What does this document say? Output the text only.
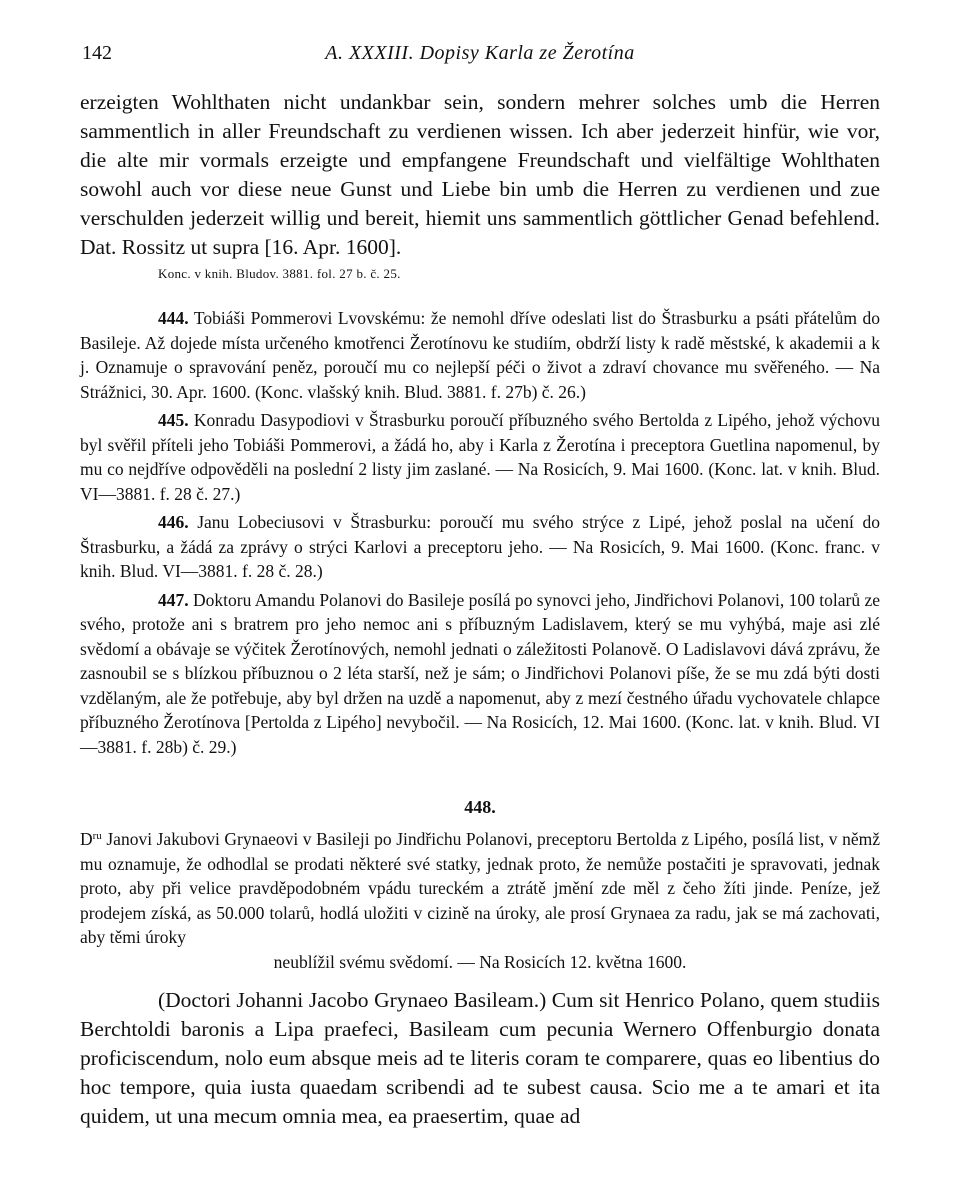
142	A. XXXIII. Dopisy Karla ze Žerotína

erzeigten Wohlthaten nicht undankbar sein, sondern mehrer solches umb die Herren sammentlich in aller Freundschaft zu verdienen wissen. Ich aber jederzeit hinfür, wie vor, die alte mir vormals erzeigte und empfangene Freundschaft und vielfältige Wohlthaten sowohl auch vor diese neue Gunst und Liebe bin umb die Herren zu verdienen und zue verschulden jederzeit willig und bereit, hiemit uns sammentlich göttlicher Genad befehlend. Dat. Rossitz ut supra [16. Apr. 1600].

Konc. v knih. Bludov. 3881. fol. 27 b. č. 25.

444. Tobiáši Pommerovi Lvovskému: že nemohl dříve odeslati list do Štrasburku a psáti přátelům do Basileje. Až dojede místa určeného kmotřenci Žerotínovu ke studiím, obdrží listy k radě městské, k akademii a k j. Oznamuje o spravování peněz, poroučí mu co nejlepší péči o život a zdraví chovance mu svěřeného. — Na Strážnici, 30. Apr. 1600. (Konc. vlašský knih. Blud. 3881. f. 27b) č. 26.)

445. Konradu Dasypodiovi v Štrasburku poroučí příbuzného svého Bertolda z Lipého, jehož výchovu byl svěřil příteli jeho Tobiáši Pommerovi, a žádá ho, aby i Karla z Žerotína i preceptora Guetlina napomenul, by mu co nejdříve odpověděli na poslední 2 listy jim zaslané. — Na Rosicích, 9. Mai 1600. (Konc. lat. v knih. Blud. VI—3881. f. 28 č. 27.)

446. Janu Lobeciusovi v Štrasburku: poroučí mu svého strýce z Lipé, jehož poslal na učení do Štrasburku, a žádá za zprávy o strýci Karlovi a preceptoru jeho. — Na Rosicích, 9. Mai 1600. (Konc. franc. v knih. Blud. VI—3881. f. 28 č. 28.)

447. Doktoru Amandu Polanovi do Basileje posílá po synovci jeho, Jindřichovi Polanovi, 100 tolarů ze svého, protože ani s bratrem pro jeho nemoc ani s příbuzným Ladislavem, který se mu vyhýbá, maje asi zlé svědomí a obávaje se výčitek Žerotínových, nemohl jednati o záležitosti Polanově. O Ladislavovi dává zprávu, že zasnoubil se s blízkou příbuznou o 2 léta starší, než je sám; o Jindřichovi Polanovi píše, že se mu zdá býti dosti vzdělaným, ale že potřebuje, aby byl držen na uzdě a napomenut, aby z mezí čestného úřadu vychovatele chlapce příbuzného Žerotínova [Pertolda z Lipého] nevybočil. — Na Rosicích, 12. Mai 1600. (Konc. lat. v knih. Blud. VI—3881. f. 28b) č. 29.)

448.

$D^{ru}$ Janovi Jakubovi Grynaeovi v Basileji po Jindřichu Polanovi, preceptoru Bertolda z Lipého, posílá list, v němž mu oznamuje, že odhodlal se prodati některé své statky, jednak proto, že nemůže postačiti je spravovati, jednak proto, aby při velice pravděpodobném vpádu tureckém a ztrátě jmění zde měl z čeho žíti jinde. Peníze, jež prodejem získá, as 50.000 tolarů, hodlá uložiti v cizině na úroky, ale prosí Grynaea za radu, jak se má zachovati, aby těmi úroky
neublížil svému svědomí. — Na Rosicích 12. května 1600.

(Doctori Johanni Jacobo Grynaeo Basileam.) Cum sit Henrico Polano, quem studiis Berchtoldi baronis a Lipa praefeci, Basileam cum pecunia Wernero Offenburgio donata proficiscendum, nolo eum absque meis ad te literis coram te comparere, quas eo libentius do hoc tempore, quia iusta quaedam scribendi ad te subest causa. Scio me a te amari et ita quidem, ut una mecum omnia mea, ea praesertim, quae ad
